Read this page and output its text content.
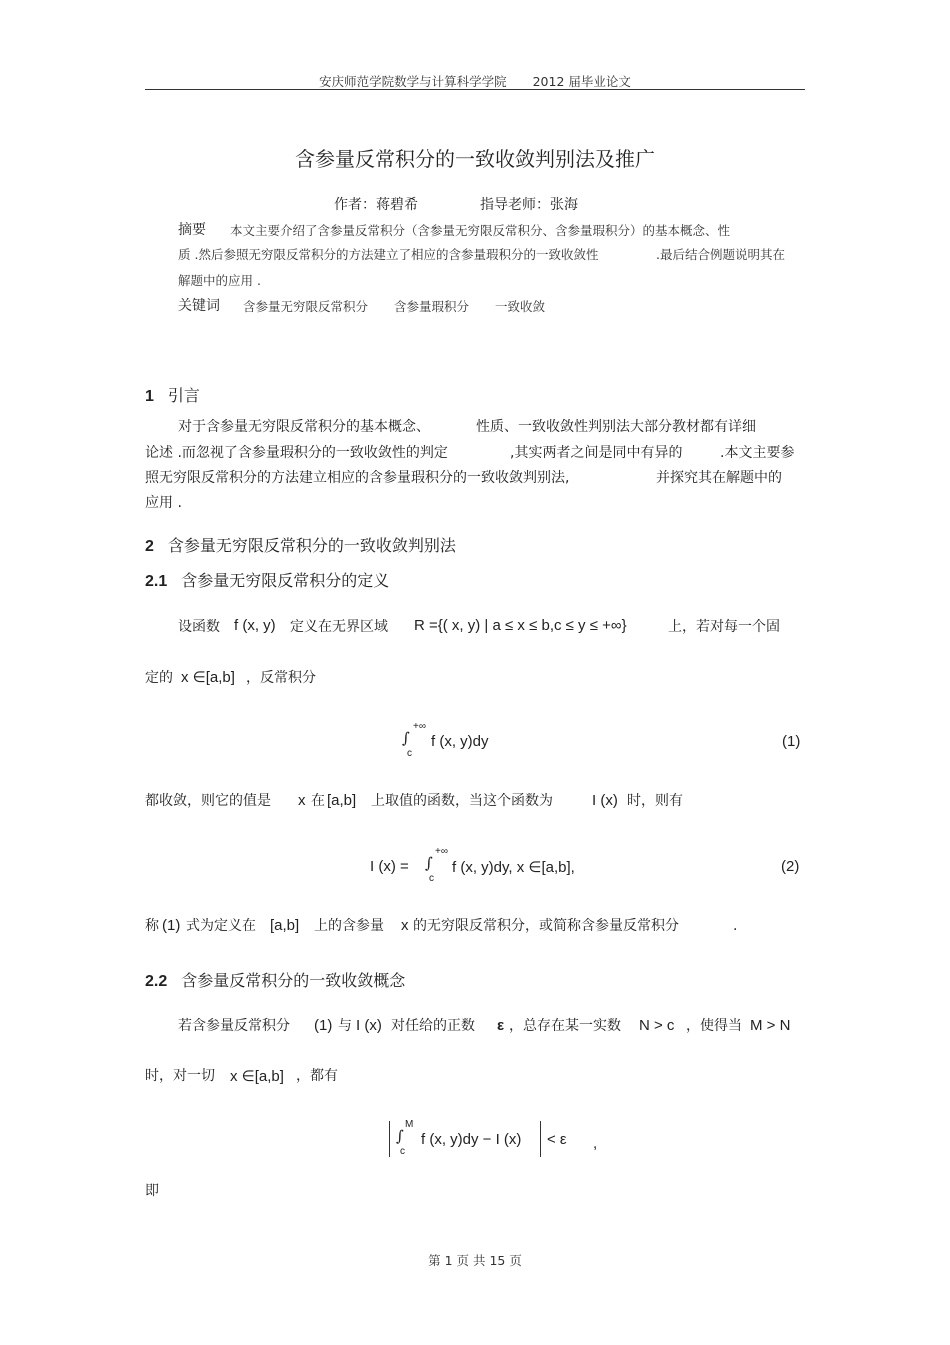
安庆师范学院数学与计算科学学院 2012 届毕业论文
含参量反常积分的一致收敛判别法及推广
作者：蒋碧希	指导老师：张海
摘要 本文主要介绍了含参量反常积分（含参量无穷限反常积分、含参量瑕积分）的基本概念、性
质 .然后参照无穷限反常积分的方法建立了相应的含参量瑕积分的一致收敛性	.最后结合例题说明其在
解题中的应用 .
关键词 含参量无穷限反常积分 含参量瑕积分 一致收敛
1 引言
对于含参量无穷限反常积分的基本概念、	性质、一致收敛性判别法大部分教材都有详细
论述 .而忽视了含参量瑕积分的一致收敛性的判定	,其实两者之间是同中有异的	.本文主要参
照无穷限反常积分的方法建立相应的含参量瑕积分的一致收敛判别法,	并探究其在解题中的
应用 .
2 含参量无穷限反常积分的一致收敛判别法
2.1 含参量无穷限反常积分的定义
设函数 f (x, y) 定义在无界区域 R ={( x, y) | a ≤ x ≤ b,c ≤ y ≤ +∞}	上，若对每一个固
定的 x ∈[a,b] ，反常积分
∫
+∞
c
f (x, y)dy	(1)
都收敛，则它的值是 x 在 [a,b] 上取值的函数，当这个函数为	I (x) 时，则有
I (x) = ∫
+∞
c
f (x, y)dy, x ∈[a,b],	(2)
称 (1) 式为定义在 [a,b] 上的含参量 x 的无穷限反常积分，或简称含参量反常积分	.
2.2 含参量反常积分的一致收敛概念
若含参量反常积分 (1) 与 I (x) 对任给的正数 ε ，总存在某一实数 N > c ，使得当 M > N
时，对一切 x ∈[a,b] ，都有
∫
M
c
f (x, y)dy − I (x) < ε ,
即
第 1 页 共 15 页
